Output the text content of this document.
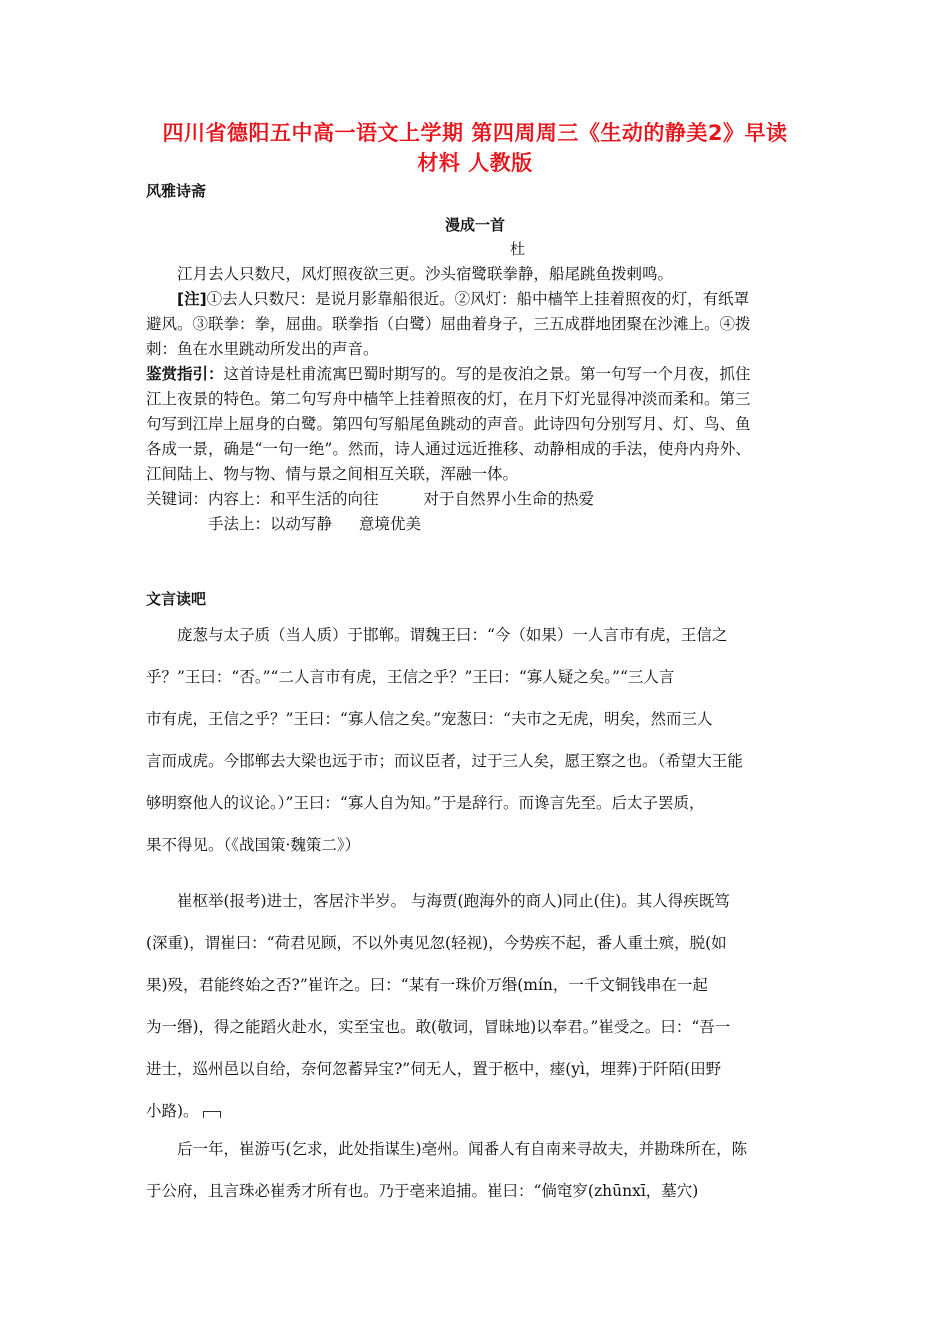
四川省德阳五中高一语文上学期 第四周周三《生动的静美2》早读
材料 人教版
风雅诗斋
漫成一首
杜
江月去人只数尺，风灯照夜欲三更。沙头宿鹭联拳静，船尾跳鱼拨剌鸣。
[注]①去人只数尺：是说月影靠船很近。②风灯：船中樯竿上挂着照夜的灯，有纸罩
避风。③联拳：拳，屈曲。联拳指（白鹭）屈曲着身子，三五成群地团聚在沙滩上。④拨
刺：鱼在水里跳动所发出的声音。
鉴赏指引：这首诗是杜甫流寓巴蜀时期写的。写的是夜泊之景。第一句写一个月夜，抓住
江上夜景的特色。第二句写舟中樯竿上挂着照夜的灯，在月下灯光显得冲淡而柔和。第三
句写到江岸上屈身的白鹭。第四句写船尾鱼跳动的声音。此诗四句分别写月、灯、鸟、鱼
各成一景，确是“一句一绝”。然而，诗人通过远近推移、动静相成的手法，使舟内舟外、
江间陆上、物与物、情与景之间相互关联，浑融一体。
关键词：内容上：和平生活的向往	对于自然界小生命的热爱
手法上：以动写静 意境优美
文言读吧
庞葱与太子质（当人质）于邯郸。谓魏王曰：“今（如果）一人言市有虎，王信之
乎？”王曰：“否。”“二人言市有虎，王信之乎？”王曰：“寡人疑之矣。”“三人言
市有虎，王信之乎？”王曰：“寡人信之矣。”宠葱曰：“夫市之无虎，明矣，然而三人
言而成虎。今邯郸去大梁也远于市；而议臣者，过于三人矣，愿王察之也。（希望大王能
够明察他人的议论。）”王曰：“寡人自为知。”于是辞行。而谗言先至。后太子罢质，
果不得见。（《战国策·魏策二》）
崔枢举(报考)进士，客居汴半岁。 与海贾(跑海外的商人)同止(住)。其人得疾既笃
(深重)，谓崔曰：“荷君见顾，不以外夷见忽(轻视)，今势疾不起，番人重土殡，脱(如
果)殁，君能终始之否?”崔许之。曰：“某有一珠价万缗(mín，一千文铜钱串在一起
为一缗)，得之能蹈火赴水，实至宝也。敢(敬词，冒昧地)以奉君。”崔受之。曰：“吾一
进士，巡州邑以自给，奈何忽蓄异宝?”伺无人，置于柩中，瘗(yì，埋葬)于阡陌(田野
小路)。
后一年，崔游丐(乞求，此处指谋生)亳州。闻番人有自南来寻故夫，并勘珠所在，陈
于公府，且言珠必崔秀才所有也。乃于亳来追捕。崔曰：“倘窀穸(zhūnxī，墓穴)
